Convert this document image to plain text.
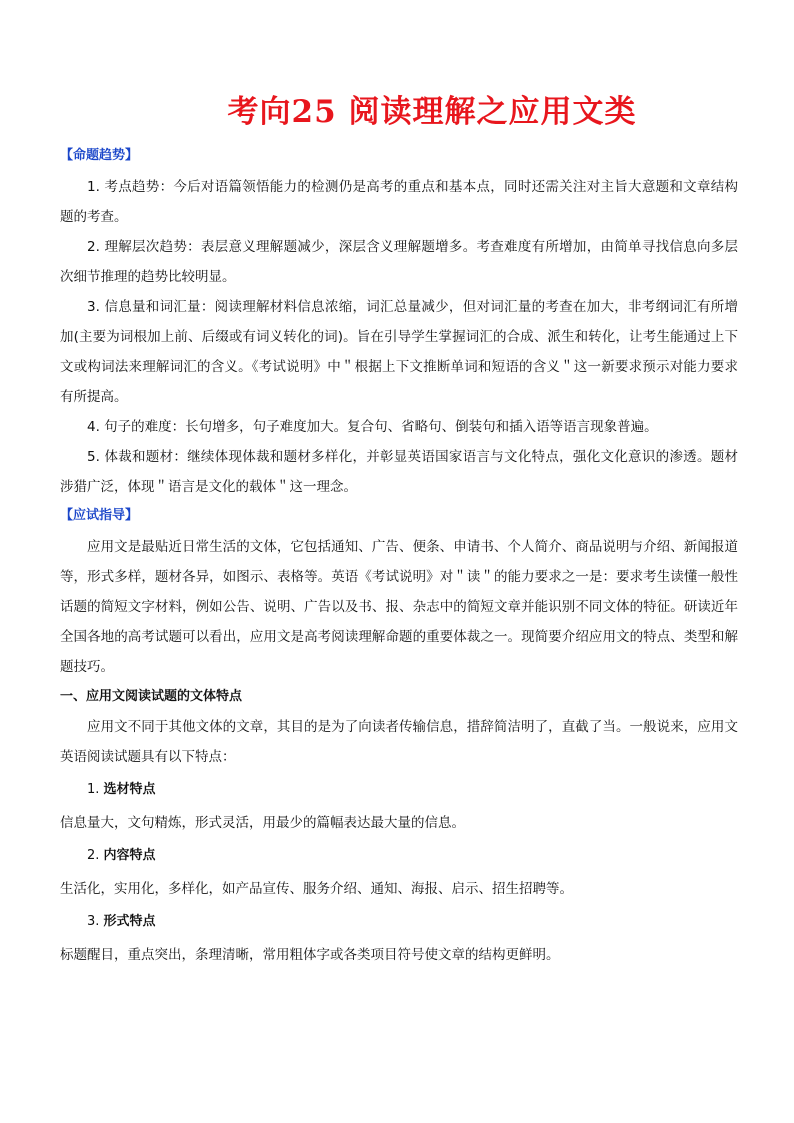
考向25 阅读理解之应用文类
【命题趋势】

1. 考点趋势：今后对语篇领悟能力的检测仍是高考的重点和基本点，同时还需关注对主旨大意题和文章结构题的考查。

2. 理解层次趋势：表层意义理解题减少，深层含义理解题增多。考查难度有所增加，由简单寻找信息向多层次细节推理的趋势比较明显。

3. 信息量和词汇量：阅读理解材料信息浓缩，词汇总量减少，但对词汇量的考查在加大，非考纲词汇有所增加(主要为词根加上前、后缀或有词义转化的词)。旨在引导学生掌握词汇的合成、派生和转化，让考生能通过上下文或构词法来理解词汇的含义。《考试说明》中＂根据上下文推断单词和短语的含义＂这一新要求预示对能力要求有所提高。

4. 句子的难度：长句增多，句子难度加大。复合句、省略句、倒装句和插入语等语言现象普遍。

5. 体裁和题材：继续体现体裁和题材多样化，并彰显英语国家语言与文化特点，强化文化意识的渗透。题材涉猎广泛，体现＂语言是文化的载体＂这一理念。

【应试指导】

应用文是最贴近日常生活的文体，它包括通知、广告、便条、申请书、个人简介、商品说明与介绍、新闻报道等，形式多样，题材各异，如图示、表格等。英语《考试说明》对＂读＂的能力要求之一是：要求考生读懂一般性话题的简短文字材料，例如公告、说明、广告以及书、报、杂志中的简短文章并能识别不同文体的特征。研读近年全国各地的高考试题可以看出，应用文是高考阅读理解命题的重要体裁之一。现简要介绍应用文的特点、类型和解题技巧。

一、应用文阅读试题的文体特点

应用文不同于其他文体的文章，其目的是为了向读者传输信息，措辞简洁明了，直截了当。一般说来，应用文英语阅读试题具有以下特点：

1. 选材特点

信息量大，文句精炼，形式灵活，用最少的篇幅表达最大量的信息。

2. 内容特点

生活化，实用化，多样化，如产品宣传、服务介绍、通知、海报、启示、招生招聘等。

3. 形式特点

标题醒目，重点突出，条理清晰，常用粗体字或各类项目符号使文章的结构更鲜明。
